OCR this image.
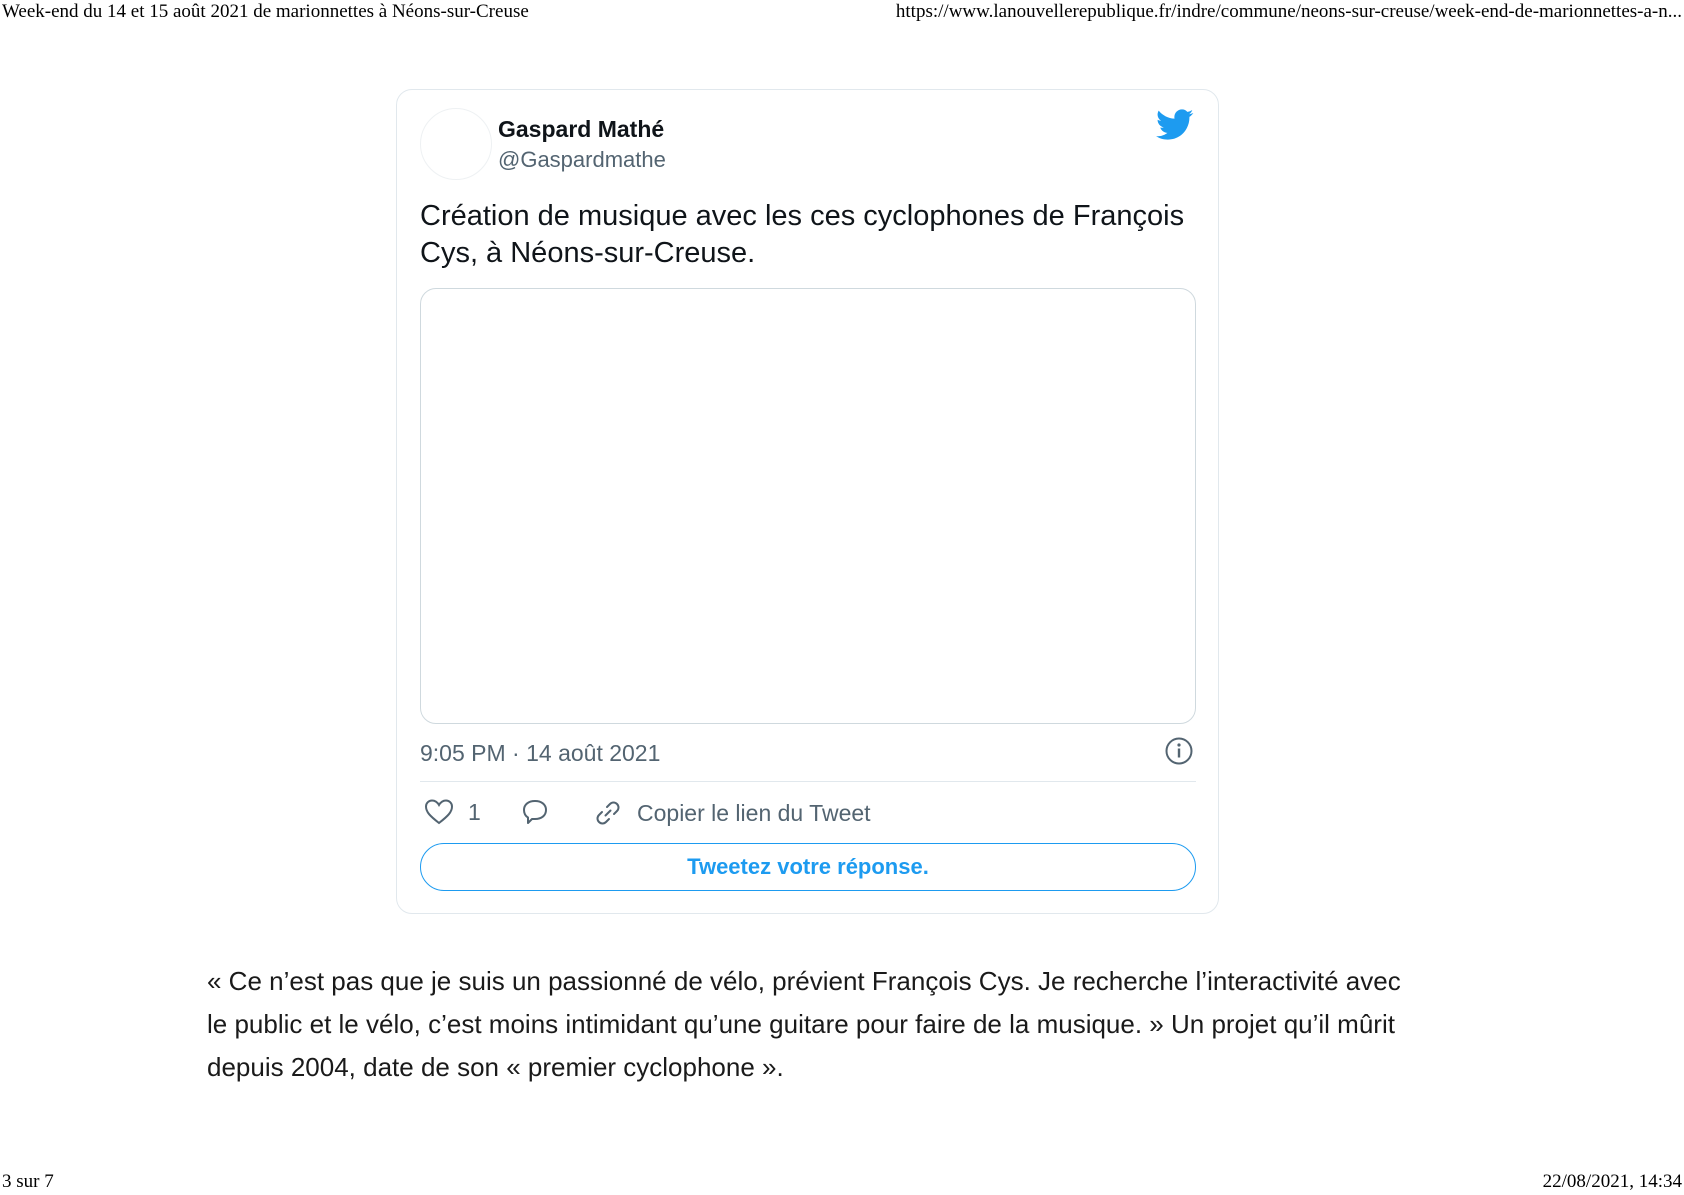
Week-end du 14 et 15 août 2021 de marionnettes à Néons-sur-Creuse	https://www.lanouvellerepublique.fr/indre/commune/neons-sur-creuse/week-end-de-marionnettes-a-n...
Gaspard Mathé
@Gaspardmathe
Création de musique avec les ces cyclophones de François Cys, à Néons-sur-Creuse.
9:05 PM · 14 août 2021
1	Copier le lien du Tweet
Tweetez votre réponse.
« Ce n’est pas que je suis un passionné de vélo, prévient François Cys. Je recherche l’interactivité avec le public et le vélo, c’est moins intimidant qu’une guitare pour faire de la musique. » Un projet qu’il mûrit depuis 2004, date de son « premier cyclophone ».
3 sur 7	22/08/2021, 14:34
